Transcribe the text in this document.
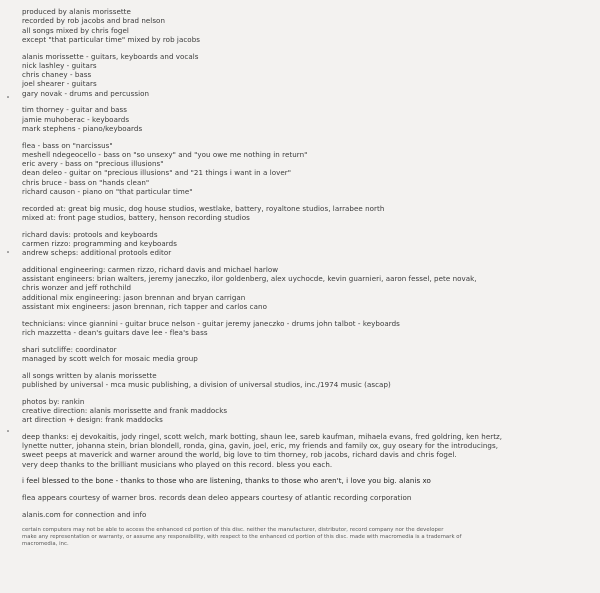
produced by alanis morissette
recorded by rob jacobs and brad nelson
all songs mixed by chris fogel
except "that particular time" mixed by rob jacobs
alanis morissette - guitars, keyboards and vocals
nick lashley - guitars
chris chaney - bass
joel shearer - guitars
gary novak - drums and percussion
tim thorney - guitar and bass
jamie muhoberac - keyboards
mark stephens - piano/keyboards
flea - bass on "narcissus"
meshell ndegeocello - bass on "so unsexy" and "you owe me nothing in return"
eric avery - bass on "precious illusions"
dean deleo - guitar on "precious illusions" and "21 things i want in a lover"
chris bruce - bass on "hands clean"
richard causon - piano on "that particular time"
recorded at: great big music, dog house studios, westlake, battery, royaltone studios, larrabee north
mixed at: front page studios, battery, henson recording studios
richard davis: protools and keyboards
carmen rizzo: programming and keyboards
andrew scheps: additional protools editor
additional engineering: carmen rizzo, richard davis and michael harlow
assistant engineers: brian walters, jeremy janeczko, ilor goldenberg, alex uychocde, kevin guarnieri, aaron fessel, pete novak,
chris wonzer and jeff rothchild
additional mix engineering: jason brennan and bryan carrigan
assistant mix engineers: jason brennan, rich tapper and carlos cano
technicians: vince giannini - guitar bruce nelson - guitar jeremy janeczko - drums john talbot - keyboards
rich mazzetta - dean's guitars dave lee - flea's bass
shari sutcliffe: coordinator
managed by scott welch for mosaic media group
all songs written by alanis morissette
published by universal - mca music publishing, a division of universal studios, inc./1974 music (ascap)
photos by: rankin
creative direction: alanis morissette and frank maddocks
art direction + design: frank maddocks
deep thanks: ej devokaitis, jody ringel, scott welch, mark botting, shaun lee, sareb kaufman, mihaela evans, fred goldring, ken hertz,
lynette nutter, johanna stein, brian blondell, ronda, gina, gavin, joel, eric, my friends and family ox, guy oseary for the introducings,
sweet peeps at maverick and warner around the world, big love to tim thorney, rob jacobs, richard davis and chris fogel.
very deep thanks to the brilliant musicians who played on this record. bless you each.
i feel blessed to the bone - thanks to those who are listening, thanks to those who aren't, i love you big. alanis xo
flea appears courtesy of warner bros. records dean deleo appears courtesy of atlantic recording corporation
alanis.com for connection and info
certain computers may not be able to access the enhanced cd portion of this disc. neither the manufacturer, distributor, record company nor the developer
make any representation or warranty, or assume any responsibility, with respect to the enhanced cd portion of this disc. made with macromedia is a trademark of
macromedia, inc.
